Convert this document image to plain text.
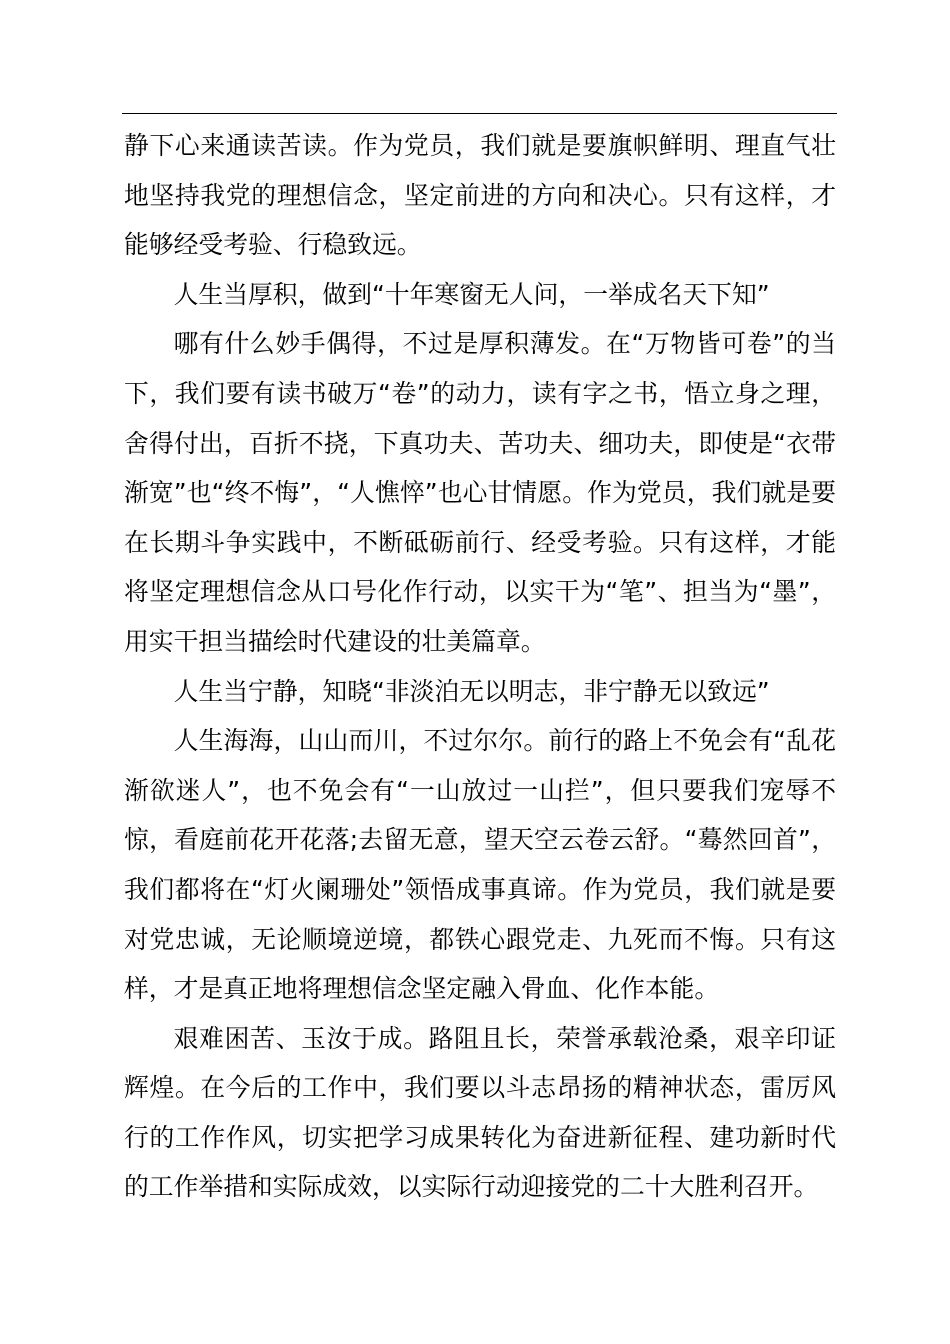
静下心来通读苦读。作为党员，我们就是要旗帜鲜明、理直气壮地坚持我党的理想信念，坚定前进的方向和决心。只有这样，才能够经受考验、行稳致远。

人生当厚积，做到“十年寒窗无人问，一举成名天下知”

哪有什么妙手偶得，不过是厚积薄发。在“万物皆可卷”的当下，我们要有读书破万“卷”的动力，读有字之书，悟立身之理，舍得付出，百折不挠，下真功夫、苦功夫、细功夫，即使是“衣带渐宽”也“终不悔”，“人憔悴”也心甘情愿。作为党员，我们就是要在长期斗争实践中，不断砥砺前行、经受考验。只有这样，才能将坚定理想信念从口号化作行动，以实干为“笔”、担当为“墨”，用实干担当描绘时代建设的壮美篇章。

人生当宁静，知晓“非淡泊无以明志，非宁静无以致远”

人生海海，山山而川，不过尔尔。前行的路上不免会有“乱花渐欲迷人”，也不免会有“一山放过一山拦”，但只要我们宠辱不惊，看庭前花开花落;去留无意，望天空云卷云舒。“蓦然回首”，我们都将在“灯火阑珊处”领悟成事真谛。作为党员，我们就是要对党忠诚，无论顺境逆境，都铁心跟党走、九死而不悔。只有这样，才是真正地将理想信念坚定融入骨血、化作本能。

艰难困苦、玉汝于成。路阻且长，荣誉承载沧桑，艰辛印证辉煌。在今后的工作中，我们要以斗志昂扬的精神状态，雷厉风行的工作作风，切实把学习成果转化为奋进新征程、建功新时代的工作举措和实际成效，以实际行动迎接党的二十大胜利召开。
